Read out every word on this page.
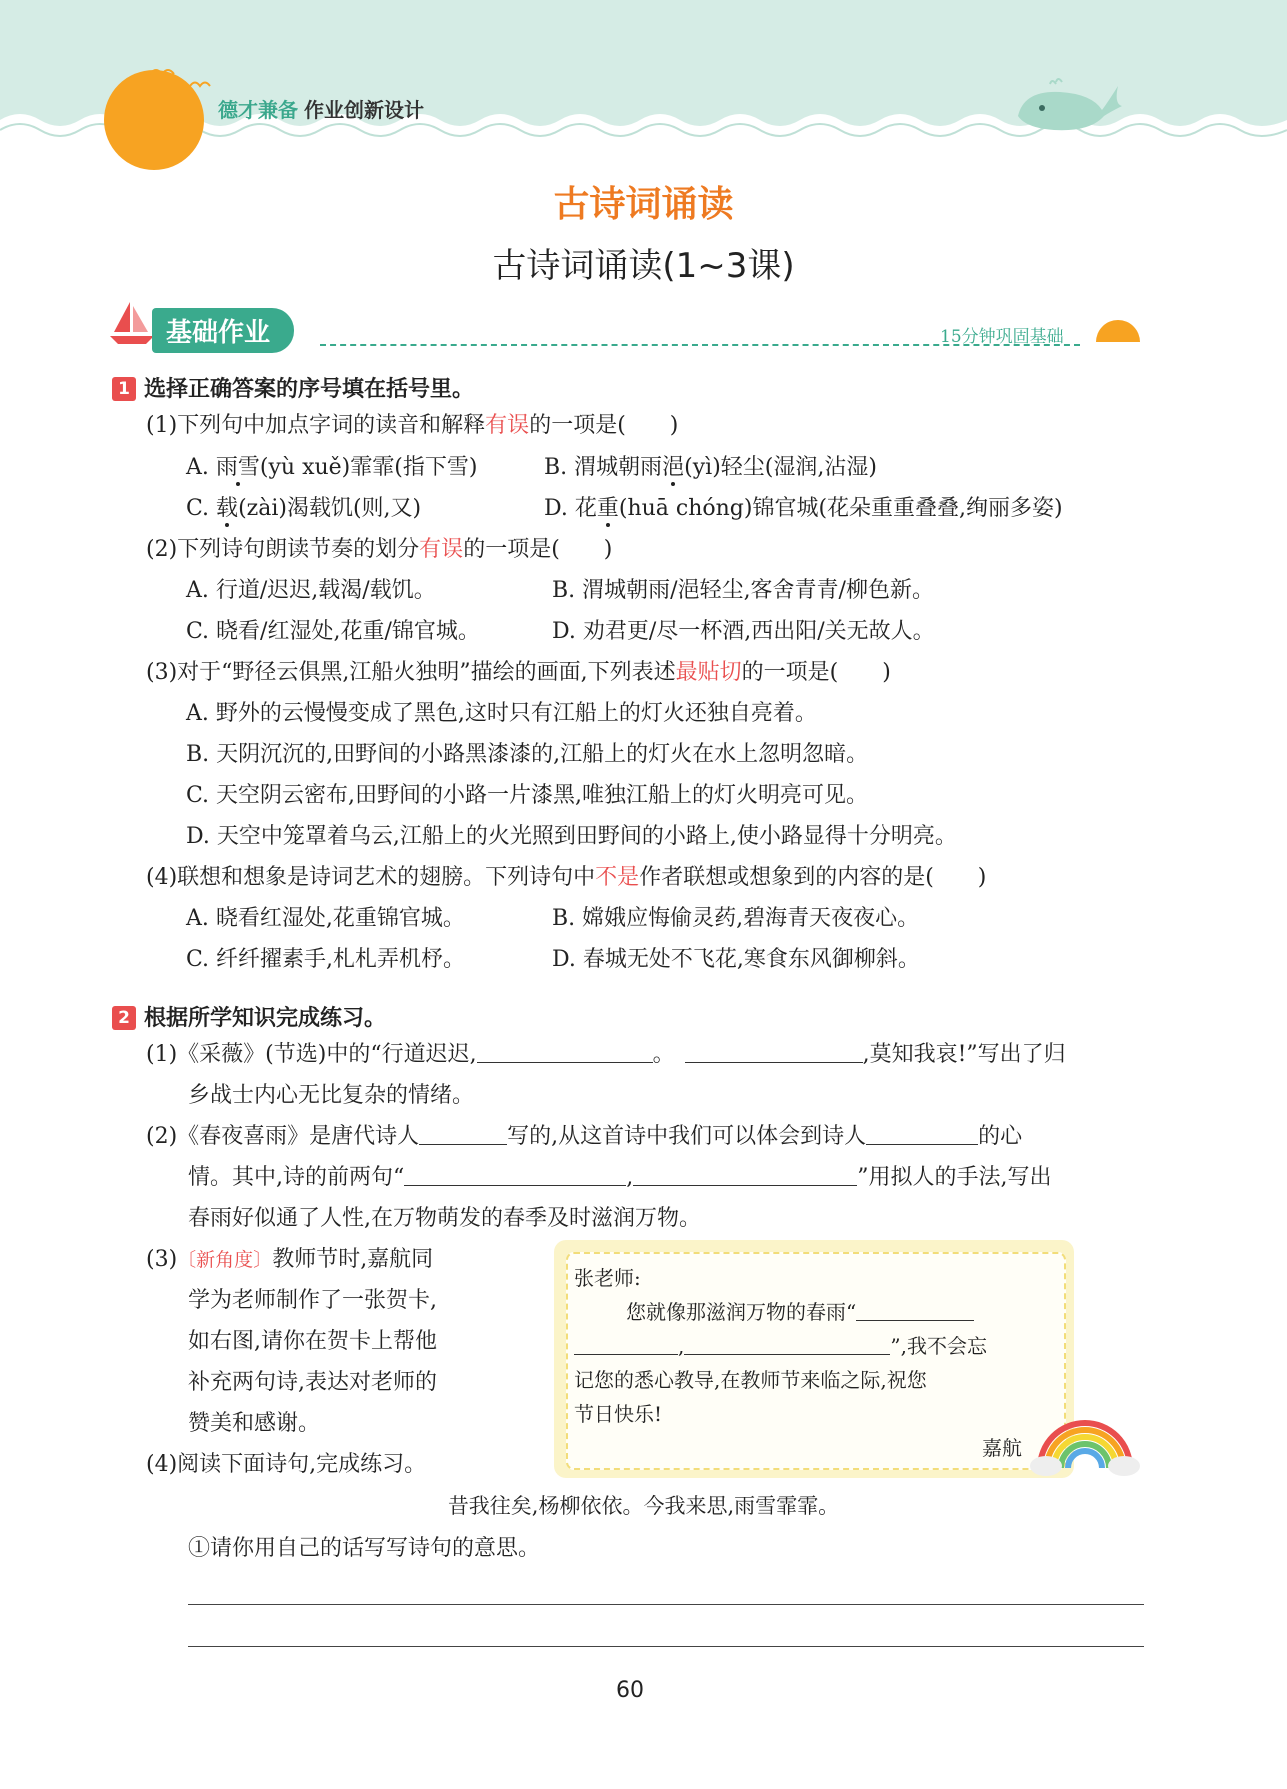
德才兼备 作业创新设计
古诗词诵读
古诗词诵读(1~3课)
基础作业	15分钟巩固基础
1 选择正确答案的序号填在括号里。
(1)下列句中加点字词的读音和解释有误的一项是(　　)
A. 雨雪(yù xuě)霏霏(指下雪)	B. 渭城朝雨浥(yì)轻尘(湿润,沾湿)
C. 载(zài)渴载饥(则,又)	D. 花重(huā chóng)锦官城(花朵重重叠叠,绚丽多姿)
(2)下列诗句朗读节奏的划分有误的一项是(　　)
A. 行道/迟迟,载渴/载饥。	B. 渭城朝雨/浥轻尘,客舍青青/柳色新。
C. 晓看/红湿处,花重/锦官城。	D. 劝君更/尽一杯酒,西出阳/关无故人。
(3)对于“野径云俱黑,江船火独明”描绘的画面,下列表述最贴切的一项是(　　)
A. 野外的云慢慢变成了黑色,这时只有江船上的灯火还独自亮着。
B. 天阴沉沉的,田野间的小路黑漆漆的,江船上的灯火在水上忽明忽暗。
C. 天空阴云密布,田野间的小路一片漆黑,唯独江船上的灯火明亮可见。
D. 天空中笼罩着乌云,江船上的火光照到田野间的小路上,使小路显得十分明亮。
(4)联想和想象是诗词艺术的翅膀。下列诗句中不是作者联想或想象到的内容的是(　　)
A. 晓看红湿处,花重锦官城。	B. 嫦娥应悔偷灵药,碧海青天夜夜心。
C. 纤纤擢素手,札札弄机杼。	D. 春城无处不飞花,寒食东风御柳斜。
2 根据所学知识完成练习。
(1)《采薇》(节选)中的“行道迟迟,	。	,莫知我哀!”写出了归
乡战士内心无比复杂的情绪。
(2)《春夜喜雨》是唐代诗人	写的,从这首诗中我们可以体会到诗人	的心
情。其中,诗的前两句“	,	”用拟人的手法,写出
春雨好似通了人性,在万物萌发的春季及时滋润万物。
(3)〔新角度〕教师节时,嘉航同
学为老师制作了一张贺卡,
如右图,请你在贺卡上帮他
补充两句诗,表达对老师的
赞美和感谢。
张老师:
您就像那滋润万物的春雨“
,	”,我不会忘
记您的悉心教导,在教师节来临之际,祝您
节日快乐!
嘉航
(4)阅读下面诗句,完成练习。
昔我往矣,杨柳依依。今我来思,雨雪霏霏。
①请你用自己的话写写诗句的意思。
60
